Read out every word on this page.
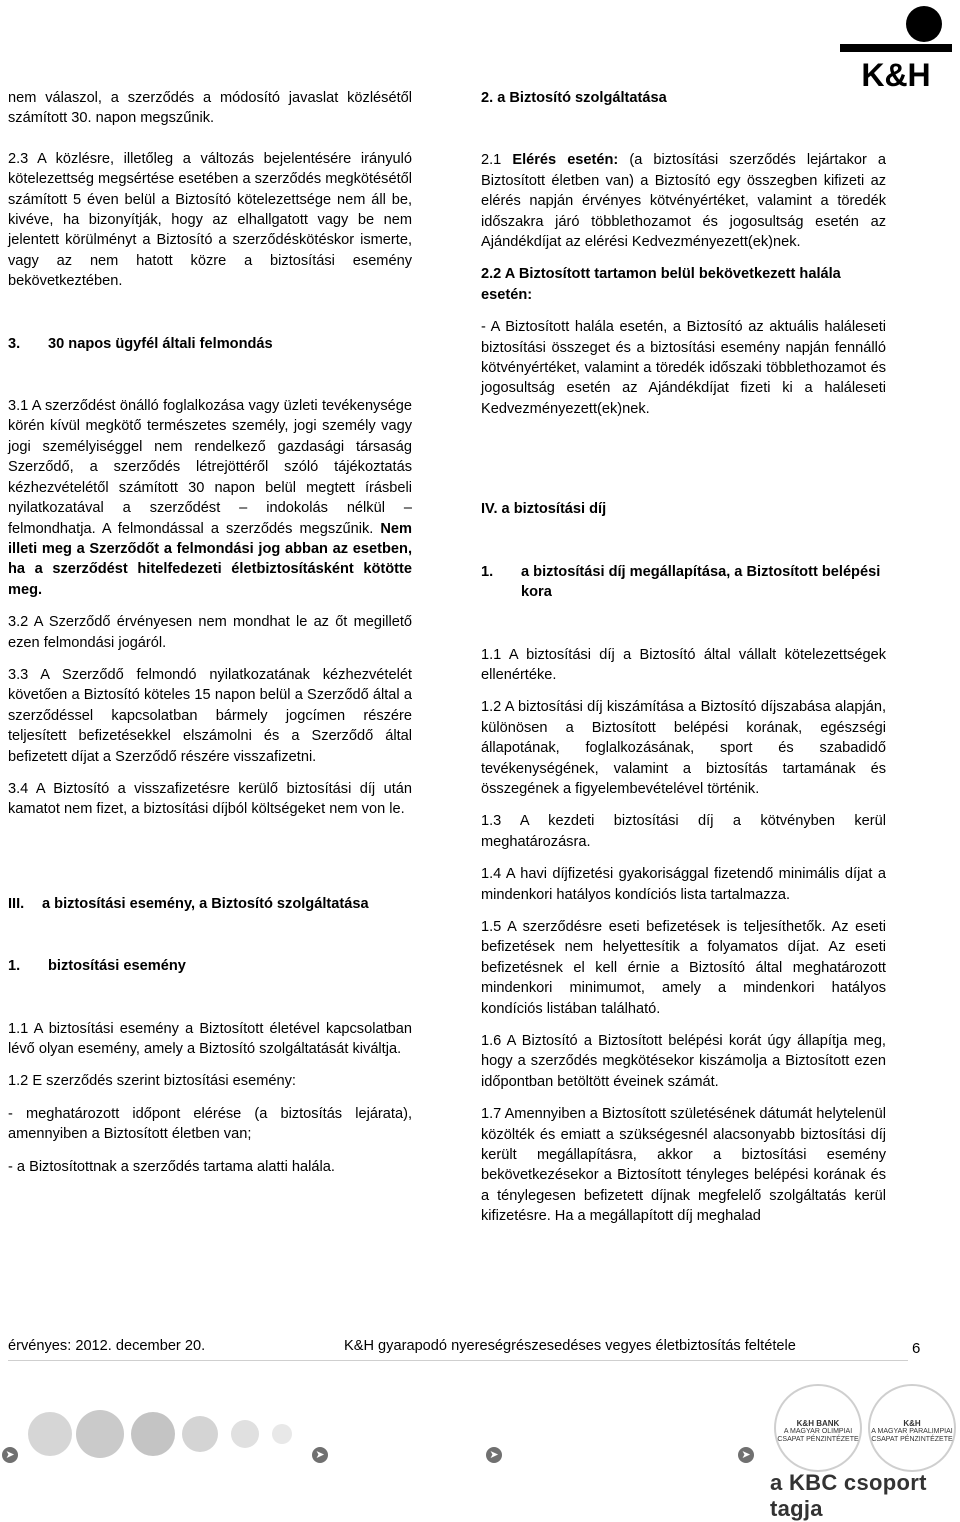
K&H

nem válaszol, a szerződés a módosító javaslat közlésétől számított 30. napon megszűnik.

2.3 A közlésre, illetőleg a változás bejelentésére irányuló kötelezettség megsértése esetében a szerződés megkötésétől számított 5 éven belül a Biztosító kötelezettsége nem áll be, kivéve, ha bizonyítják, hogy az elhallgatott vagy be nem jelentett körülményt a Biztosító a szerződéskötéskor ismerte, vagy az nem hatott közre a biztosítási esemény bekövetkeztében.

3.	30 napos ügyfél általi felmondás

3.1 A szerződést önálló foglalkozása vagy üzleti tevékenysége körén kívül megkötő természetes személy, jogi személy vagy jogi személyiséggel nem rendelkező gazdasági társaság Szerződő, a szerződés létrejöttéről szóló tájékoztatás kézhezvételétől számított 30 napon belül megtett írásbeli nyilatkozatával a szerződést – indokolás nélkül – felmondhatja. A felmondással a szerződés megszűnik. Nem illeti meg a Szerződőt a felmondási jog abban az esetben, ha a szerződést hitelfedezeti életbiztosításként kötötte meg.

3.2 A Szerződő érvényesen nem mondhat le az őt megillető ezen felmondási jogáról.

3.3 A Szerződő felmondó nyilatkozatának kézhezvételét követően a Biztosító köteles 15 napon belül a Szerződő által a szerződéssel kapcsolatban bármely jogcímen részére teljesített befizetésekkel elszámolni és a Szerződő által befizetett díjat a Szerződő részére visszafizetni.

3.4 A Biztosító a visszafizetésre kerülő biztosítási díj után kamatot nem fizet, a biztosítási díjból költségeket nem von le.

III.	a biztosítási esemény, a Biztosító szolgáltatása
1.	biztosítási esemény

1.1 A biztosítási esemény a Biztosított életével kapcsolatban lévő olyan esemény, amely a Biztosító szolgáltatását kiváltja.

1.2 E szerződés szerint biztosítási esemény:

- meghatározott időpont elérése (a biztosítás lejárata), amennyiben a Biztosított életben van;

- a Biztosítottnak a szerződés tartama alatti halála.

2. a Biztosító szolgáltatása

2.1 Elérés esetén: (a biztosítási szerződés lejártakor a Biztosított életben van) a Biztosító egy összegben kifizeti az elérés napján érvényes kötvényértéket, valamint a töredék időszakra járó többlethozamot és jogosultság esetén az Ajándékdíjat az elérési Kedvezményezett(ek)nek.

2.2 A Biztosított tartamon belül bekövetkezett halála esetén:

- A Biztosított halála esetén, a Biztosító az aktuális haláleseti biztosítási összeget és a biztosítási esemény napján fennálló kötvényértéket, valamint a töredék időszaki többlethozamot és jogosultság esetén az Ajándékdíjat fizeti ki a haláleseti Kedvezményezett(ek)nek.

IV. a biztosítási díj

1.	a biztosítási díj megállapítása, a Biztosított belépési kora

1.1 A biztosítási díj a Biztosító által vállalt kötelezettségek ellenértéke.

1.2 A biztosítási díj kiszámítása a Biztosító díjszabása alapján, különösen a Biztosított belépési korának, egészségi állapotának, foglalkozásának, sport és szabadidő tevékenységének, valamint a biztosítás tartamának és összegének a figyelembevételével történik.

1.3 A kezdeti biztosítási díj a kötvényben kerül meghatározásra.

1.4 A havi díjfizetési gyakorisággal fizetendő minimális díjat a mindenkori hatályos kondíciós lista tartalmazza.

1.5 A szerződésre eseti befizetések is teljesíthetők. Az eseti befizetések nem helyettesítik a folyamatos díjat. Az eseti befizetésnek el kell érnie a Biztosító által meghatározott mindenkori minimumot, amely a mindenkori hatályos kondíciós listában található.

1.6 A Biztosító a Biztosított belépési korát úgy állapítja meg, hogy a szerződés megkötésekor kiszámolja a Biztosított ezen időpontban betöltött éveinek számát.

1.7 Amennyiben a Biztosított születésének dátumát helytelenül közölték és emiatt a szükségesnél alacsonyabb biztosítási díj került megállapításra, akkor a biztosítási esemény bekövetkezésekor a Biztosított tényleges belépési korának és a ténylegesen befizetett díjnak megfelelő szolgáltatás kerül kifizetésre. Ha a megállapított díj meghalad

érvényes: 2012. december 20.	K&H gyarapodó nyereségrészesedéses vegyes életbiztosítás feltétele	6
➤	➤	➤	➤
K&H BANK
A MAGYAR OLIMPIAI CSAPAT PÉNZINTÉZETE
K&H
A MAGYAR PARALIMPIAI CSAPAT PÉNZINTÉZETE
a KBC csoport tagja
